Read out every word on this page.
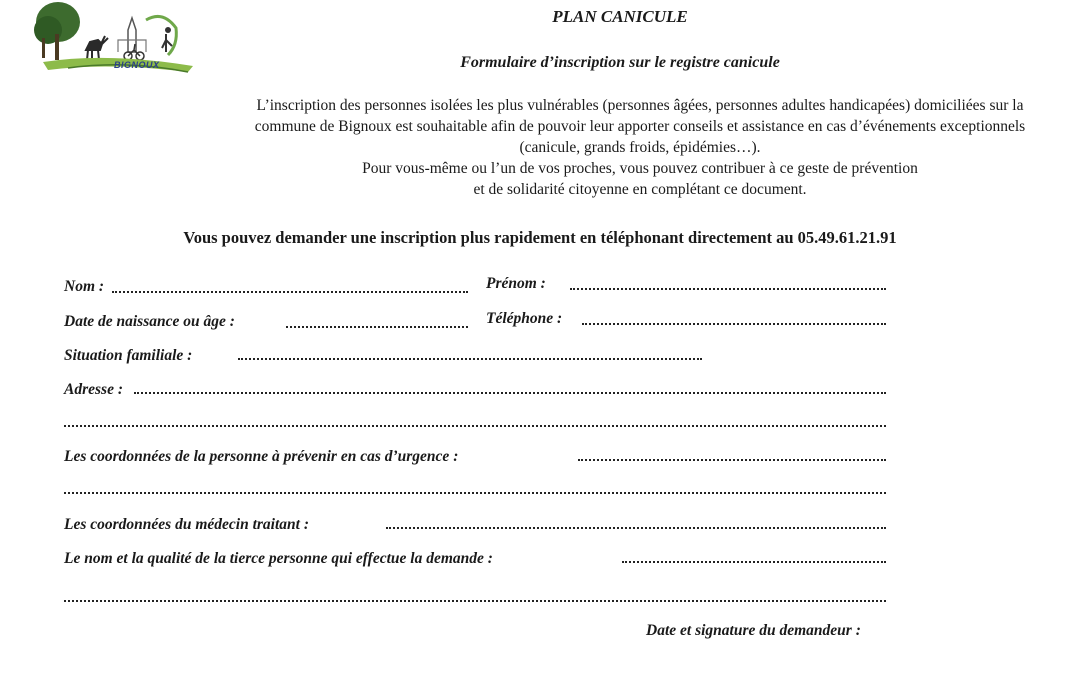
BIGNOUX
PLAN CANICULE
Formulaire d’inscription sur le registre canicule

L’inscription des personnes isolées les plus vulnérables (personnes âgées, personnes adultes handicapées) domiciliées sur la
commune de Bignoux est souhaitable afin de pouvoir leur apporter conseils et assistance en cas d’événements exceptionnels
(canicule, grands froids, épidémies…).
Pour vous-même ou l’un de vos proches, vous pouvez contribuer à ce geste de prévention
et de solidarité citoyenne en complétant ce document.

Vous pouvez demander une inscription plus rapidement en téléphonant directement au 05.49.61.21.91
Nom :	Prénom :
Date de naissance ou âge :	Téléphone :
Situation familiale :
Adresse :
Les coordonnées de la personne à prévenir en cas d’urgence :
Les coordonnées du médecin traitant :
Le nom et la qualité de la tierce personne qui effectue la demande :
Date et signature du demandeur :
